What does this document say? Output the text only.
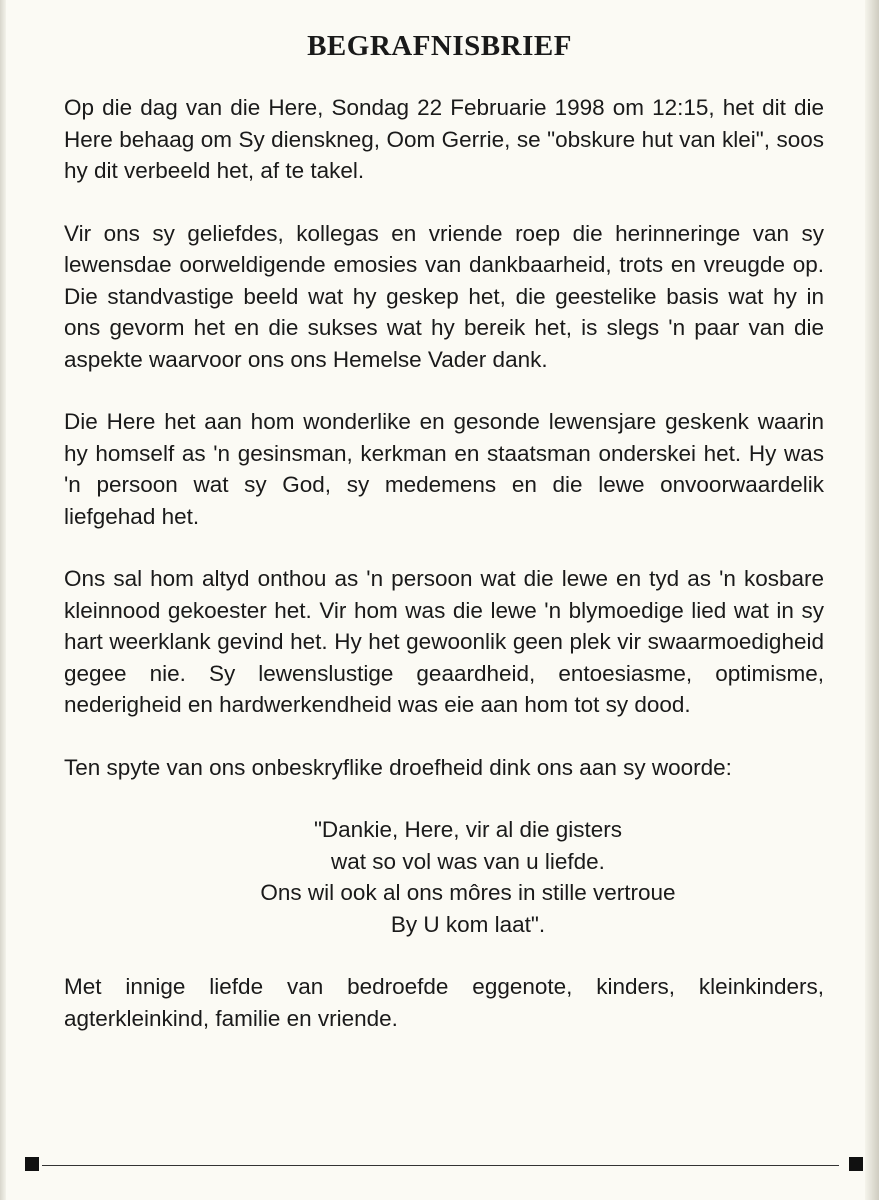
BEGRAFNISBRIEF

Op die dag van die Here, Sondag 22 Februarie 1998 om 12:15, het dit die Here behaag om Sy dienskneg, Oom Gerrie, se "obskure hut van klei", soos hy dit verbeeld het, af te takel.

Vir ons sy geliefdes, kollegas en vriende roep die herinneringe van sy lewensdae oorweldigende emosies van dankbaarheid, trots en vreugde op. Die standvastige beeld wat hy geskep het, die geestelike basis wat hy in ons gevorm het en die sukses wat hy bereik het, is slegs 'n paar van die aspekte waarvoor ons ons Hemelse Vader dank.

Die Here het aan hom wonderlike en gesonde lewensjare geskenk waarin hy homself as 'n gesinsman, kerkman en staatsman onderskei het. Hy was 'n persoon wat sy God, sy medemens en die lewe onvoorwaardelik liefgehad het.

Ons sal hom altyd onthou as 'n persoon wat die lewe en tyd as 'n kosbare kleinnood gekoester het. Vir hom was die lewe 'n blymoedige lied wat in sy hart weerklank gevind het. Hy het gewoonlik geen plek vir swaarmoedigheid gegee nie. Sy lewenslustige geaardheid, entoesiasme, optimisme, nederigheid en hardwerkendheid was eie aan hom tot sy dood.

Ten spyte van ons onbeskryflike droefheid dink ons aan sy woorde:

"Dankie, Here, vir al die gisters
wat so vol was van u liefde.
Ons wil ook al ons môres in stille vertroue
By U kom laat".

Met innige liefde van bedroefde eggenote, kinders, kleinkinders, agterkleinkind, familie en vriende.
